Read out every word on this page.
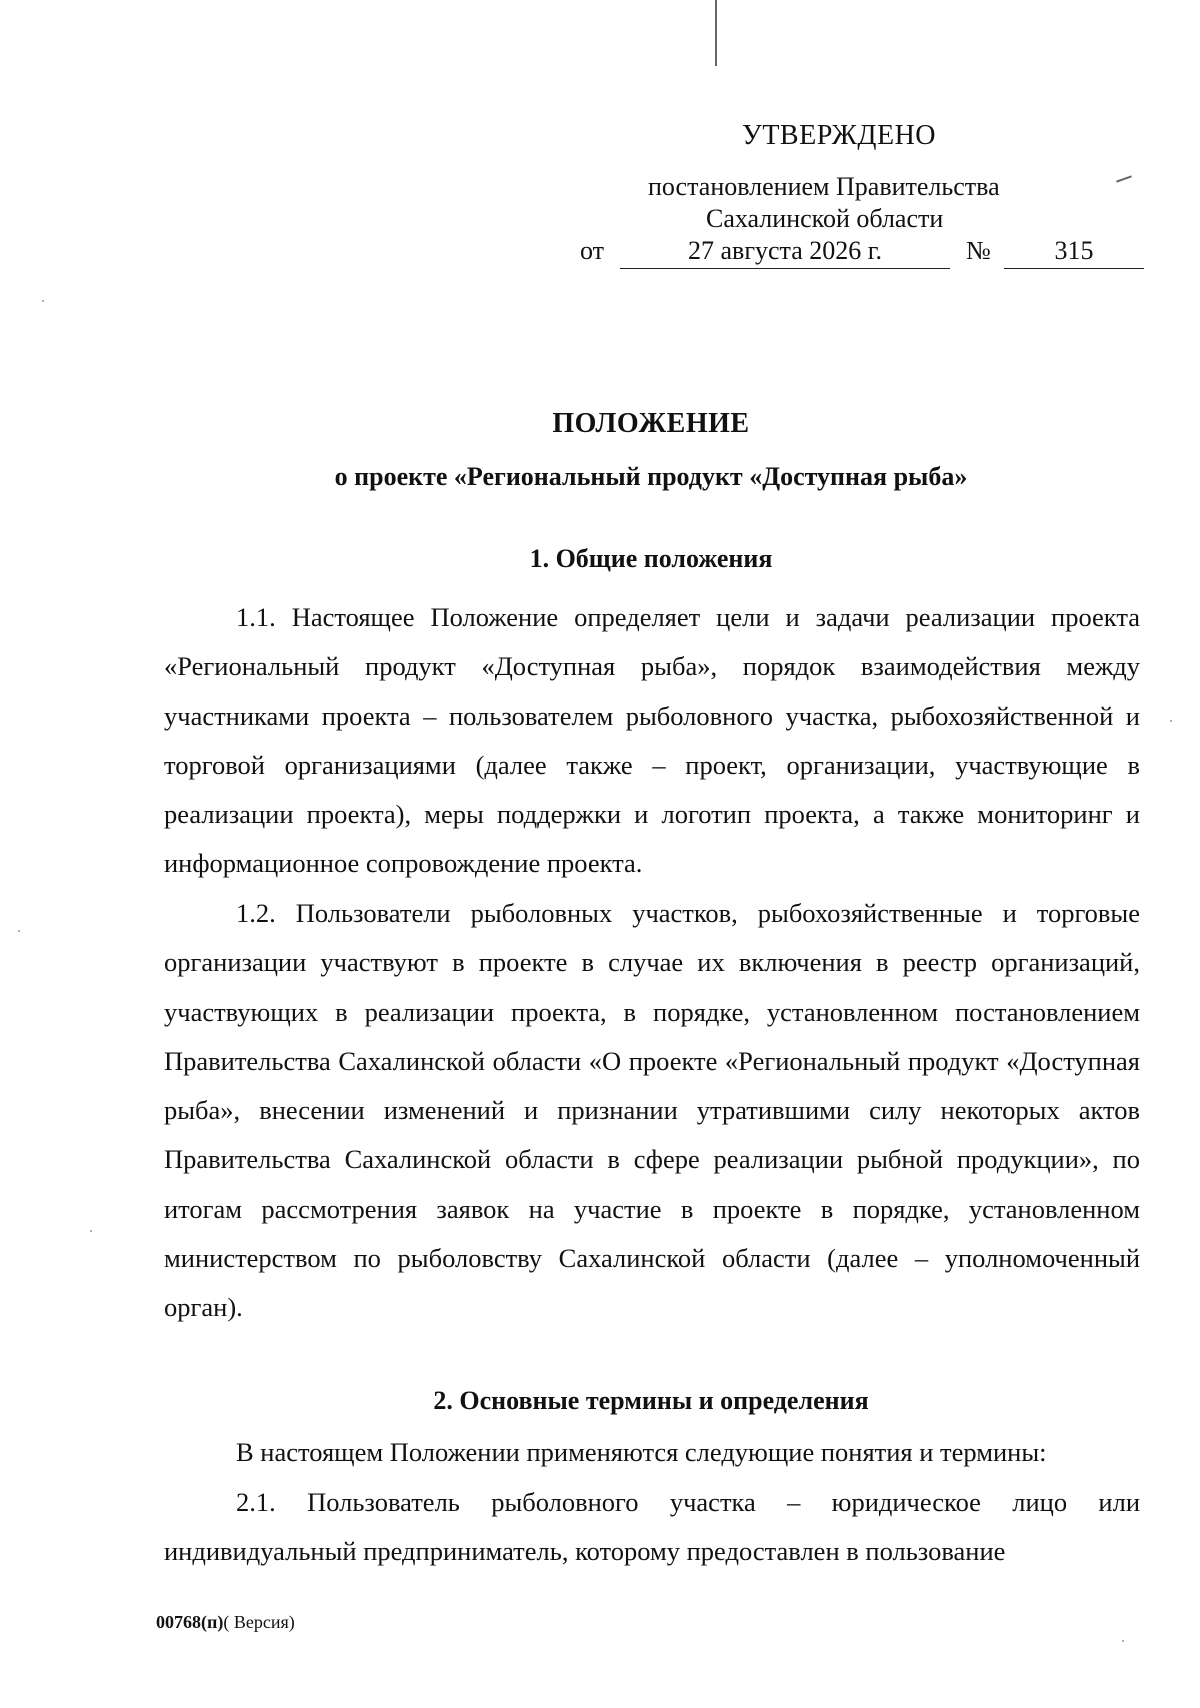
УТВЕРЖДЕНО
постановлением Правительства
Сахалинской области
от	27 августа 2026 г.	№	315
ПОЛОЖЕНИЕ
о проекте «Региональный продукт «Доступная рыба»
1. Общие положения
1.1. Настоящее Положение определяет цели и задачи реализации проекта «Региональный продукт «Доступная рыба», порядок взаимодействия между участниками проекта – пользователем рыболовного участка, рыбохозяйственной и торговой организациями (далее также – проект, организации, участвующие в реализации проекта), меры поддержки и логотип проекта, а также мониторинг и информационное сопровождение проекта.
1.2. Пользователи рыболовных участков, рыбохозяйственные и торговые организации участвуют в проекте в случае их включения в реестр организаций, участвующих в реализации проекта, в порядке, установленном постановлением Правительства Сахалинской области «О проекте «Региональный продукт «Доступная рыба», внесении изменений и признании утратившими силу некоторых актов Правительства Сахалинской области в сфере реализации рыбной продукции», по итогам рассмотрения заявок на участие в проекте в порядке, установленном министерством по рыболовству Сахалинской области (далее – уполномоченный орган).
2. Основные термины и определения
В настоящем Положении применяются следующие понятия и термины:
2.1. Пользователь рыболовного участка – юридическое лицо или индивидуальный предприниматель, которому предоставлен в пользование
00768(п)( Версия)
